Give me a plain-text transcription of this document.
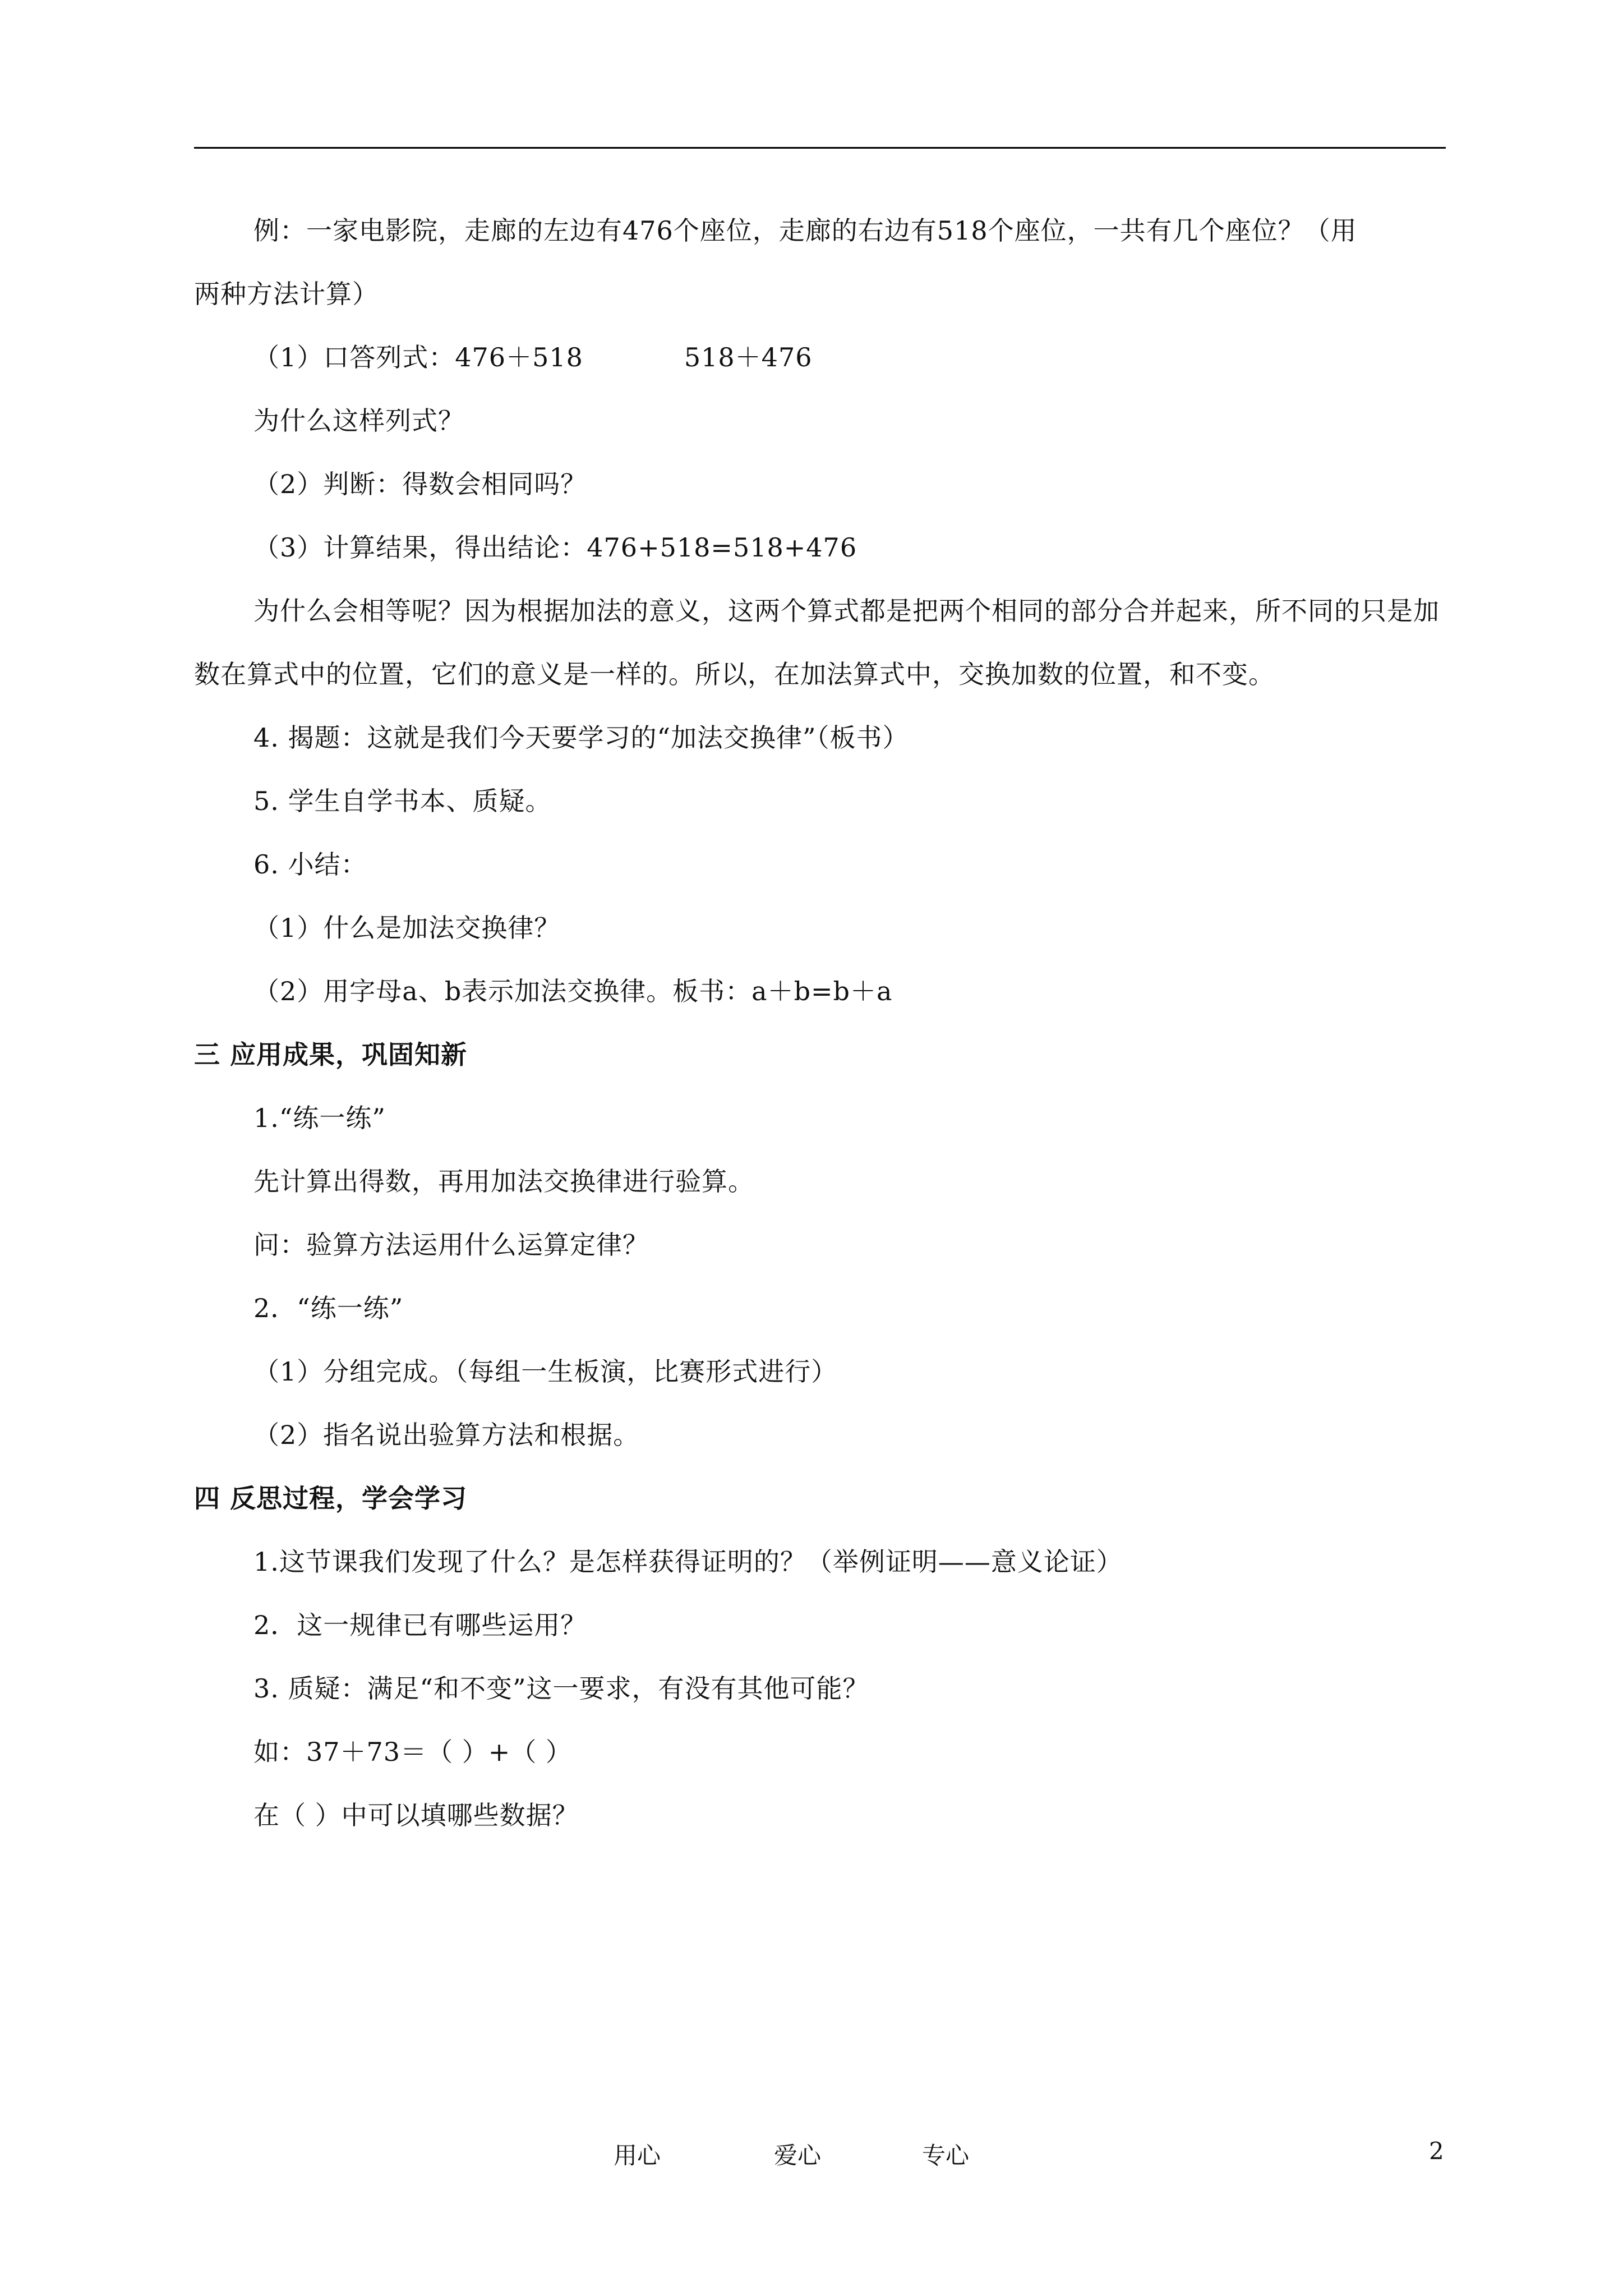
例：一家电影院，走廊的左边有476个座位，走廊的右边有518个座位，一共有几个座位？（用
两种方法计算）
（1）口答列式：476＋518	518＋476
为什么这样列式？
（2）判断：得数会相同吗？
（3）计算结果，得出结论：476+518=518+476
为什么会相等呢？因为根据加法的意义，这两个算式都是把两个相同的部分合并起来，所不同的只是加数在算式中的位置，它们的意义是一样的。所以，在加法算式中，交换加数的位置，和不变。
4. 揭题：这就是我们今天要学习的“加法交换律”（板书）
5. 学生自学书本、质疑。
6. 小结：
（1）什么是加法交换律？
（2）用字母a、b表示加法交换律。板书：a＋b=b＋a
三 应用成果，巩固知新
1.“练一练”
先计算出得数，再用加法交换律进行验算。
问：验算方法运用什么运算定律？
2．“练一练”
（1）分组完成。（每组一生板演，比赛形式进行）
（2）指名说出验算方法和根据。
四 反思过程，学会学习
1.这节课我们发现了什么？是怎样获得证明的？（举例证明——意义论证）
2．这一规律已有哪些运用？
3. 质疑：满足“和不变”这一要求，有没有其他可能？
如：37＋73＝（ ）+（ ）
在（ ）中可以填哪些数据？
用心	爱心	专心	2
